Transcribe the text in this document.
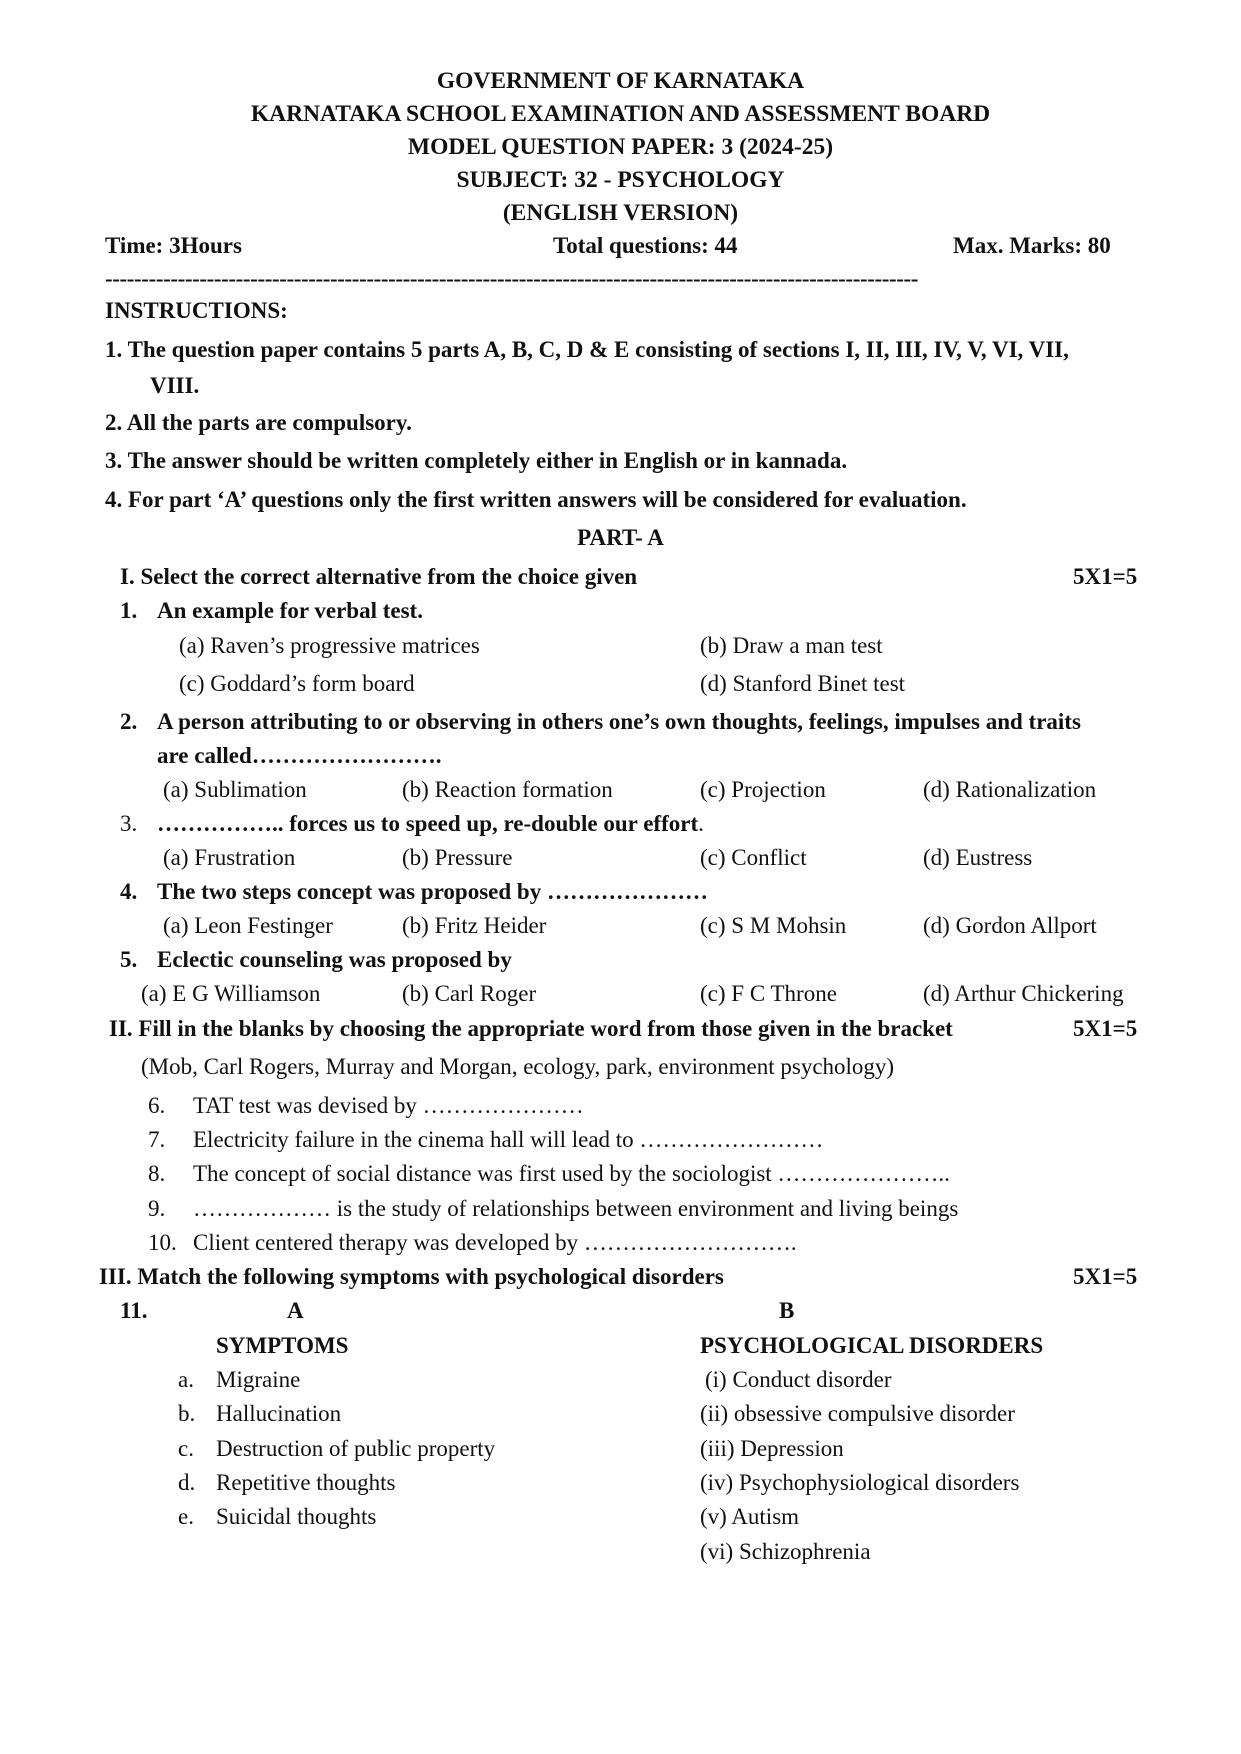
GOVERNMENT OF KARNATAKA
KARNATAKA SCHOOL EXAMINATION AND ASSESSMENT BOARD
MODEL QUESTION PAPER: 3 (2024-25)
SUBJECT: 32 - PSYCHOLOGY
(ENGLISH VERSION)
Time: 3Hours	Total questions: 44	Max. Marks: 80
----------------------------------------------------------------------------------------------------------------
INSTRUCTIONS:
1. The question paper contains 5 parts A, B, C, D & E consisting of sections I, II, III, IV, V, VI, VII,
VIII.
2. All the parts are compulsory.
3. The answer should be written completely either in English or in kannada.
4. For part ‘A’ questions only the first written answers will be considered for evaluation.
PART- A
I. Select the correct alternative from the choice given	5X1=5
1. An example for verbal test.
(a) Raven’s progressive matrices	(b) Draw a man test
(c) Goddard’s form board	(d) Stanford Binet test
2. A person attributing to or observing in others one’s own thoughts, feelings, impulses and traits
are called…………………….
(a) Sublimation	(b) Reaction formation	(c) Projection	(d) Rationalization
3. …………….. forces us to speed up, re-double our effort.
(a) Frustration	(b) Pressure	(c) Conflict	(d) Eustress
4. The two steps concept was proposed by …………………
(a) Leon Festinger	(b) Fritz Heider	(c) S M Mohsin	(d) Gordon Allport
5. Eclectic counseling was proposed by
(a) E G Williamson	(b) Carl Roger	(c) F C Throne	(d) Arthur Chickering
II. Fill in the blanks by choosing the appropriate word from those given in the bracket	5X1=5
(Mob, Carl Rogers, Murray and Morgan, ecology, park, environment psychology)
6. TAT test was devised by …………………
7. Electricity failure in the cinema hall will lead to ……………………
8. The concept of social distance was first used by the sociologist …………………..
9. ……………… is the study of relationships between environment and living beings
10. Client centered therapy was developed by ……………………….
III. Match the following symptoms with psychological disorders	5X1=5
11.	A	B
SYMPTOMS	PSYCHOLOGICAL DISORDERS
a. Migraine	(i) Conduct disorder
b. Hallucination	(ii) obsessive compulsive disorder
c. Destruction of public property	(iii) Depression
d. Repetitive thoughts	(iv) Psychophysiological disorders
e. Suicidal thoughts	(v) Autism
(vi) Schizophrenia
